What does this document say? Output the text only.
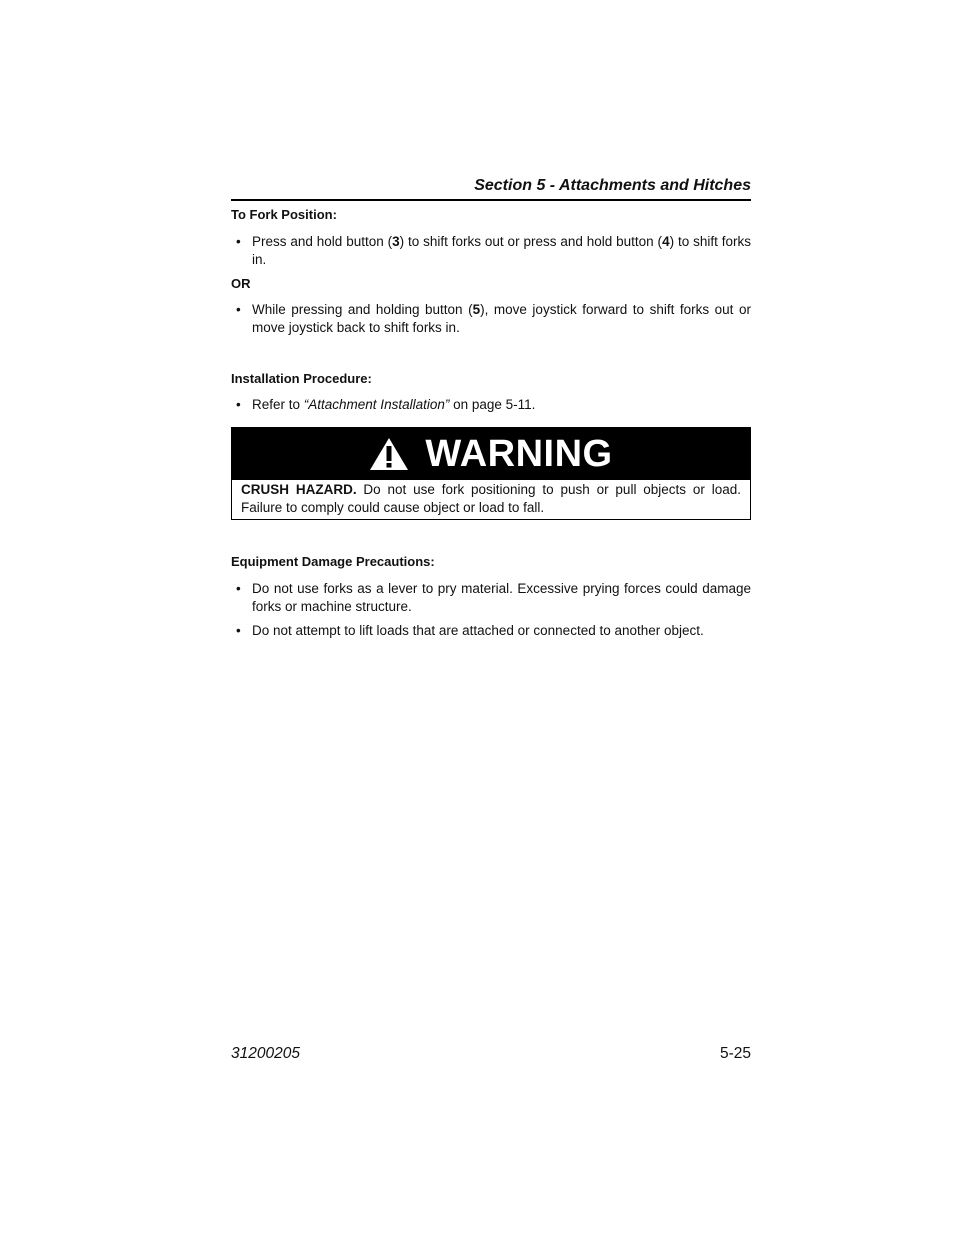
Section 5 - Attachments and Hitches
To Fork Position:
• Press and hold button (3) to shift forks out or press and hold button (4) to shift forks in.
OR
• While pressing and holding button (5), move joystick forward to shift forks out or move joystick back to shift forks in.
Installation Procedure:
• Refer to “Attachment Installation” on page 5-11.
WARNING
CRUSH HAZARD. Do not use fork positioning to push or pull objects or load. Failure to comply could cause object or load to fall.
Equipment Damage Precautions:
• Do not use forks as a lever to pry material. Excessive prying forces could damage forks or machine structure.
• Do not attempt to lift loads that are attached or connected to another object.
31200205	5-25
